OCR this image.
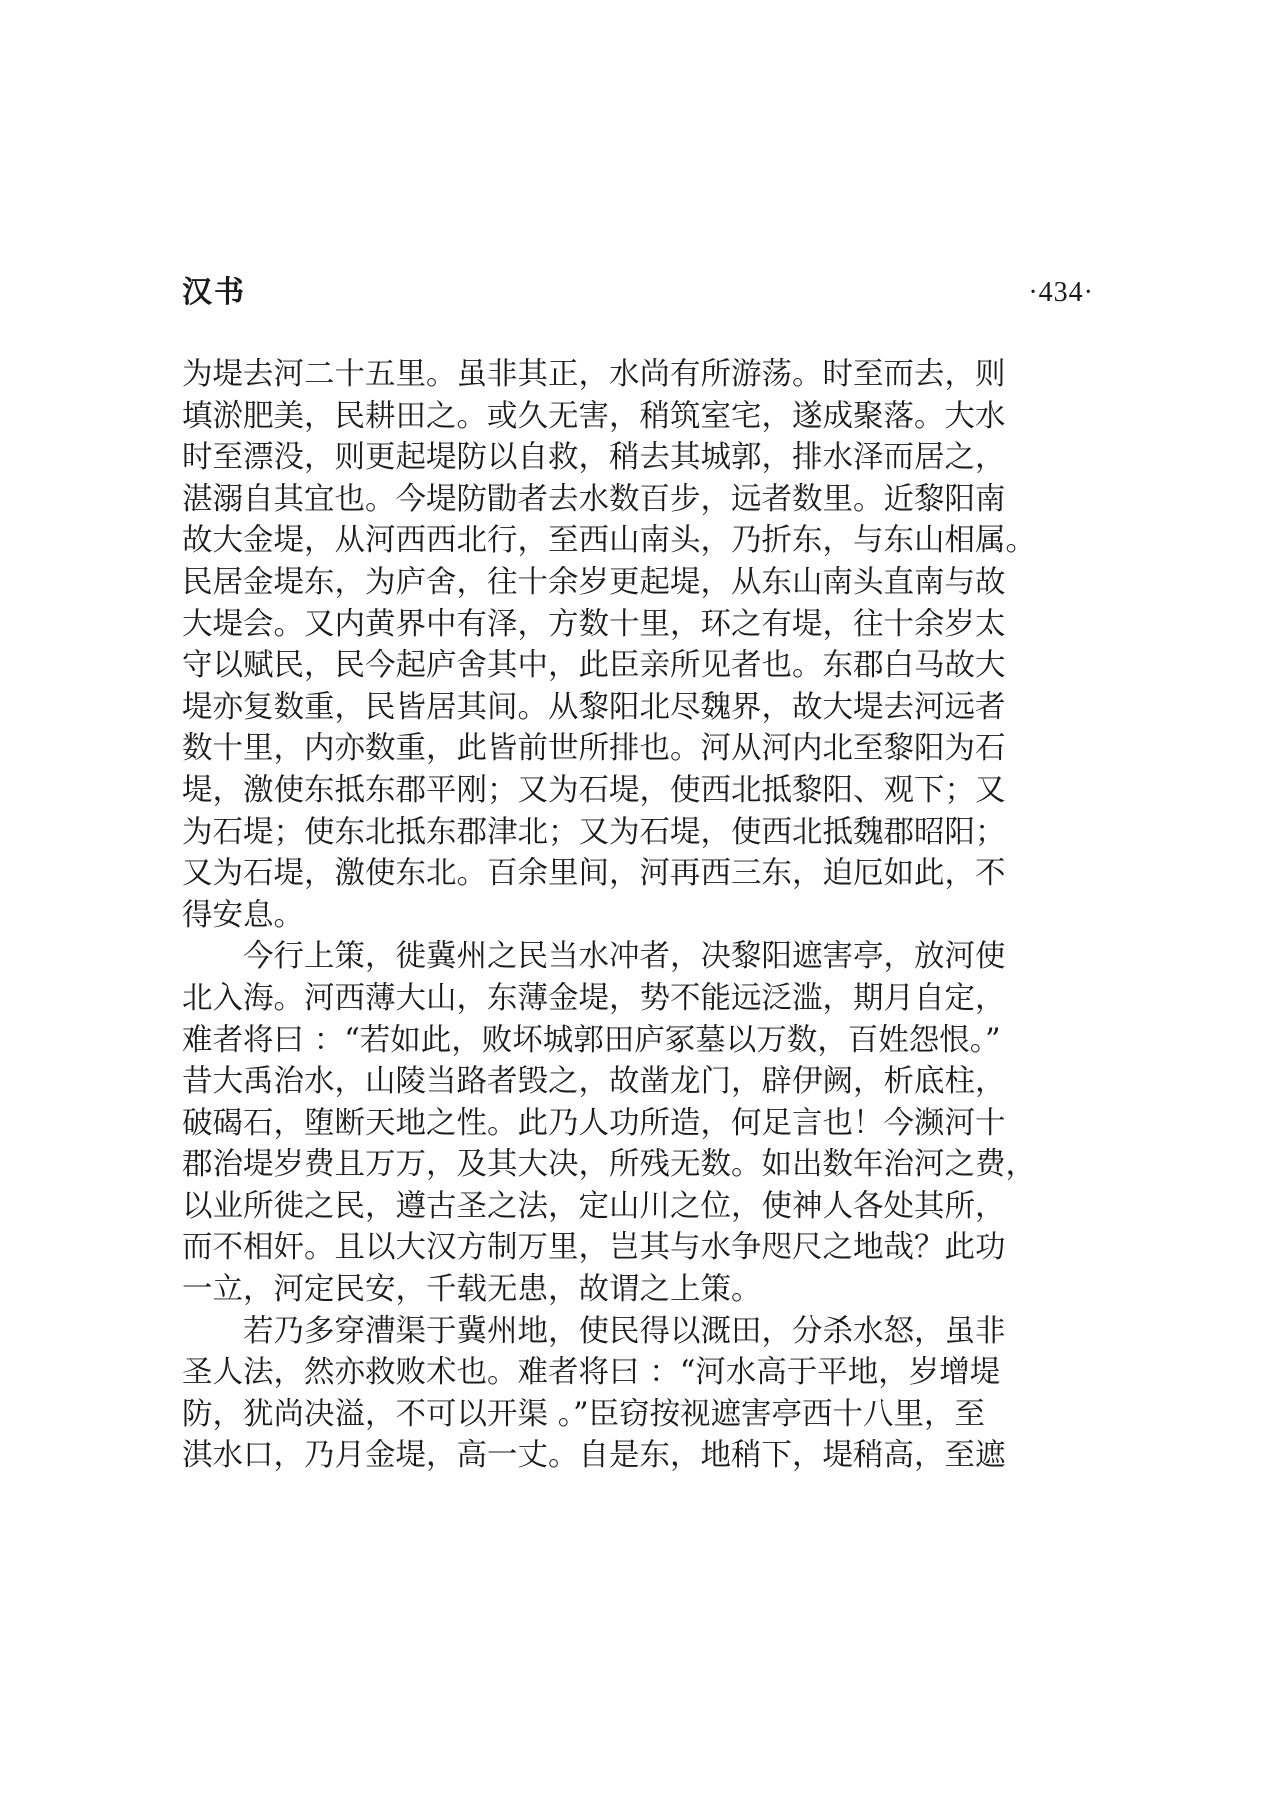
汉书	·434·
为堤去河二十五里。虽非其正，水尚有所游荡。时至而去，则
填淤肥美，民耕田之。或久无害，稍筑室宅，遂成聚落。大水
时至漂没，则更起堤防以自救，稍去其城郭，排水泽而居之，
湛溺自其宜也。今堤防勖者去水数百步，远者数里。近黎阳南
故大金堤，从河西西北行，至西山南头，乃折东，与东山相属。
民居金堤东，为庐舍，往十余岁更起堤，从东山南头直南与故
大堤会。又内黄界中有泽，方数十里，环之有堤，往十余岁太
守以赋民，民今起庐舍其中，此臣亲所见者也。东郡白马故大
堤亦复数重，民皆居其间。从黎阳北尽魏界，故大堤去河远者
数十里，内亦数重，此皆前世所排也。河从河内北至黎阳为石
堤，激使东抵东郡平刚；又为石堤，使西北抵黎阳、观下；又
为石堤；使东北抵东郡津北；又为石堤，使西北抵魏郡昭阳；
又为石堤，激使东北。百余里间，河再西三东，迫厄如此，不
得安息。
　　今行上策，徙冀州之民当水冲者，决黎阳遮害亭，放河使
北入海。河西薄大山，东薄金堤，势不能远泛滥，期月自定，
难者将曰 ：“若如此，败坏城郭田庐冢墓以万数，百姓怨恨。”
昔大禹治水，山陵当路者毁之，故凿龙门，辟伊阙，析底柱，
破碣石，堕断天地之性。此乃人功所造，何足言也！今濒河十
郡治堤岁费且万万，及其大决，所残无数。如出数年治河之费，
以业所徙之民，遵古圣之法，定山川之位，使神人各处其所，
而不相奸。且以大汉方制万里，岂其与水争咫尺之地哉？此功
一立，河定民安，千载无患，故谓之上策。
　　若乃多穿漕渠于冀州地，使民得以溉田，分杀水怒，虽非
圣人法，然亦救败术也。难者将曰 ：“河水高于平地，岁增堤
防，犹尚决溢，不可以开渠 。”臣窃按视遮害亭西十八里，至
淇水口，乃月金堤，高一丈。自是东，地稍下，堤稍高，至遮
